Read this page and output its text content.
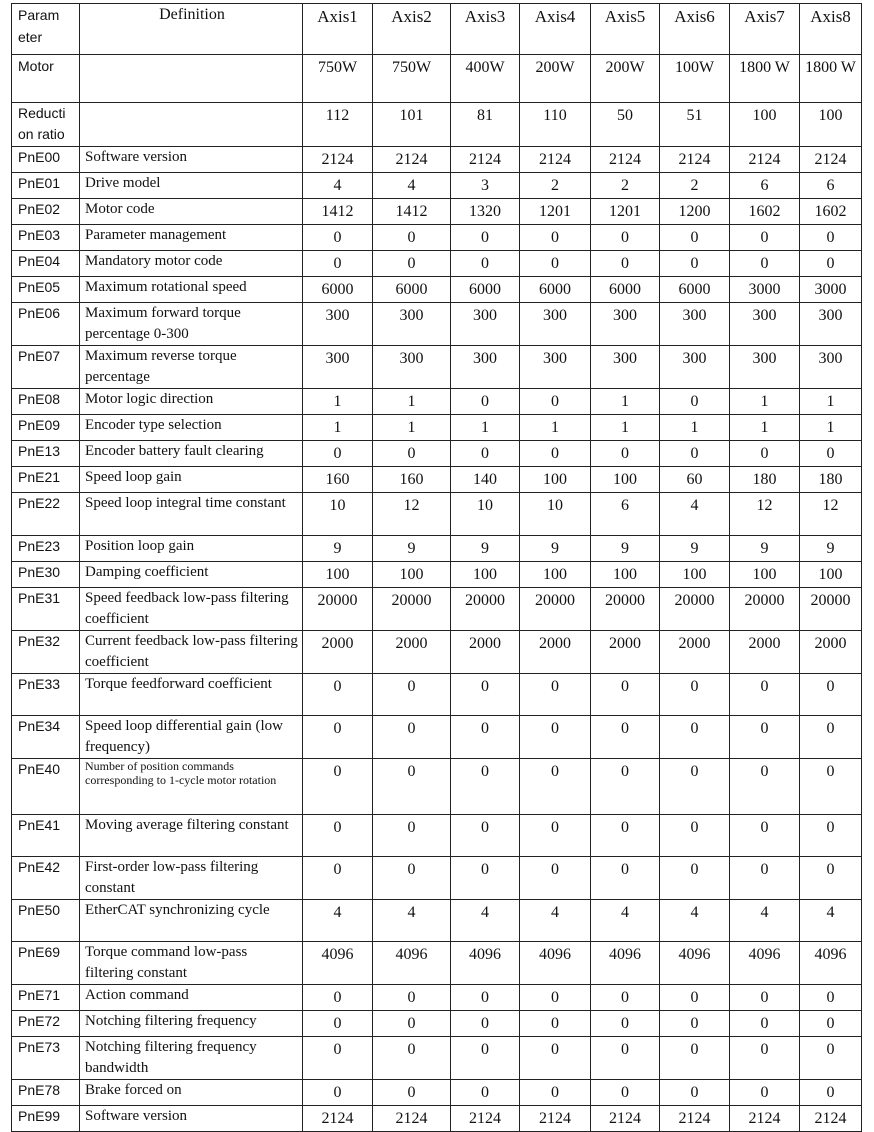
Param eter	Definition	Axis1	Axis2	Axis3	Axis4	Axis5	Axis6	Axis7	Axis8
Motor		750W	750W	400W	200W	200W	100W	1800 W	1800 W
Reducti on ratio		112	101	81	110	50	51	100	100
PnE00	Software version	2124	2124	2124	2124	2124	2124	2124	2124
PnE01	Drive model	4	4	3	2	2	2	6	6
PnE02	Motor code	1412	1412	1320	1201	1201	1200	1602	1602
PnE03	Parameter management	0	0	0	0	0	0	0	0
PnE04	Mandatory motor code	0	0	0	0	0	0	0	0
PnE05	Maximum rotational speed	6000	6000	6000	6000	6000	6000	3000	3000
PnE06	Maximum forward torque percentage 0-300	300	300	300	300	300	300	300	300
PnE07	Maximum reverse torque percentage	300	300	300	300	300	300	300	300
PnE08	Motor logic direction	1	1	0	0	1	0	1	1
PnE09	Encoder type selection	1	1	1	1	1	1	1	1
PnE13	Encoder battery fault clearing	0	0	0	0	0	0	0	0
PnE21	Speed loop gain	160	160	140	100	100	60	180	180
PnE22	Speed loop integral time constant	10	12	10	10	6	4	12	12
PnE23	Position loop gain	9	9	9	9	9	9	9	9
PnE30	Damping coefficient	100	100	100	100	100	100	100	100
PnE31	Speed feedback low-pass filtering coefficient	20000	20000	20000	20000	20000	20000	20000	20000
PnE32	Current feedback low-pass filtering coefficient	2000	2000	2000	2000	2000	2000	2000	2000
PnE33	Torque feedforward coefficient	0	0	0	0	0	0	0	0
PnE34	Speed loop differential gain (low frequency)	0	0	0	0	0	0	0	0
PnE40	Number of position commands corresponding to 1-cycle motor rotation	0	0	0	0	0	0	0	0
PnE41	Moving average filtering constant	0	0	0	0	0	0	0	0
PnE42	First-order low-pass filtering constant	0	0	0	0	0	0	0	0
PnE50	EtherCAT synchronizing cycle	4	4	4	4	4	4	4	4
PnE69	Torque command low-pass filtering constant	4096	4096	4096	4096	4096	4096	4096	4096
PnE71	Action command	0	0	0	0	0	0	0	0
PnE72	Notching filtering frequency	0	0	0	0	0	0	0	0
PnE73	Notching filtering frequency bandwidth	0	0	0	0	0	0	0	0
PnE78	Brake forced on	0	0	0	0	0	0	0	0
PnE99	Software version	2124	2124	2124	2124	2124	2124	2124	2124
